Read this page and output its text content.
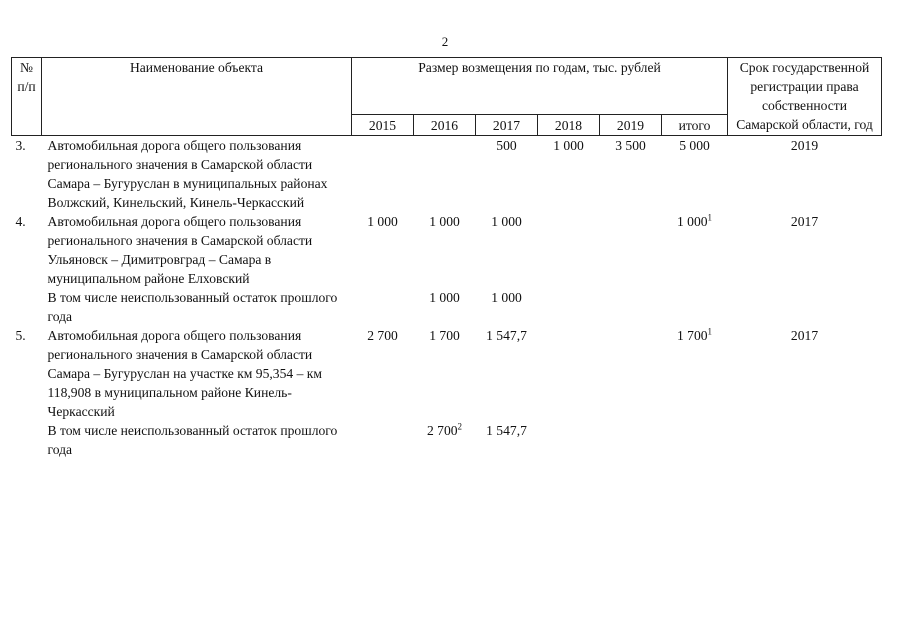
2
№ п/п	Наименование объекта	Размер возмещения по годам, тыс. рублей						Срок государственной регистрации права собственности Самарской области, год
		2015	2016	2017	2018	2019	итого	
3.	Автомобильная дорога общего пользования регионального значения в Самарской области Самара – Бугуруслан в муниципальных районах Волжский, Кинельский, Кинель-Черкасский			500	1 000	3 500	5 000	2019
4.	Автомобильная дорога общего пользования регионального значения в Самарской области Ульяновск – Димитровград – Самара в муниципальном районе Елховский	1 000	1 000	1 000			1 $000^1$	2017
	В том числе неиспользованный остаток прошлого года		1 000	1 000				
5.	Автомобильная дорога общего пользования регионального значения в Самарской области Самара – Бугуруслан на участке км 95,354 – км 118,908 в муниципальном районе Кинель-Черкасский	2 700	1 700	1 547,7			1 $700^1$	2017
	В том числе неиспользованный остаток прошлого года		2 $700^2$	1 547,7				
